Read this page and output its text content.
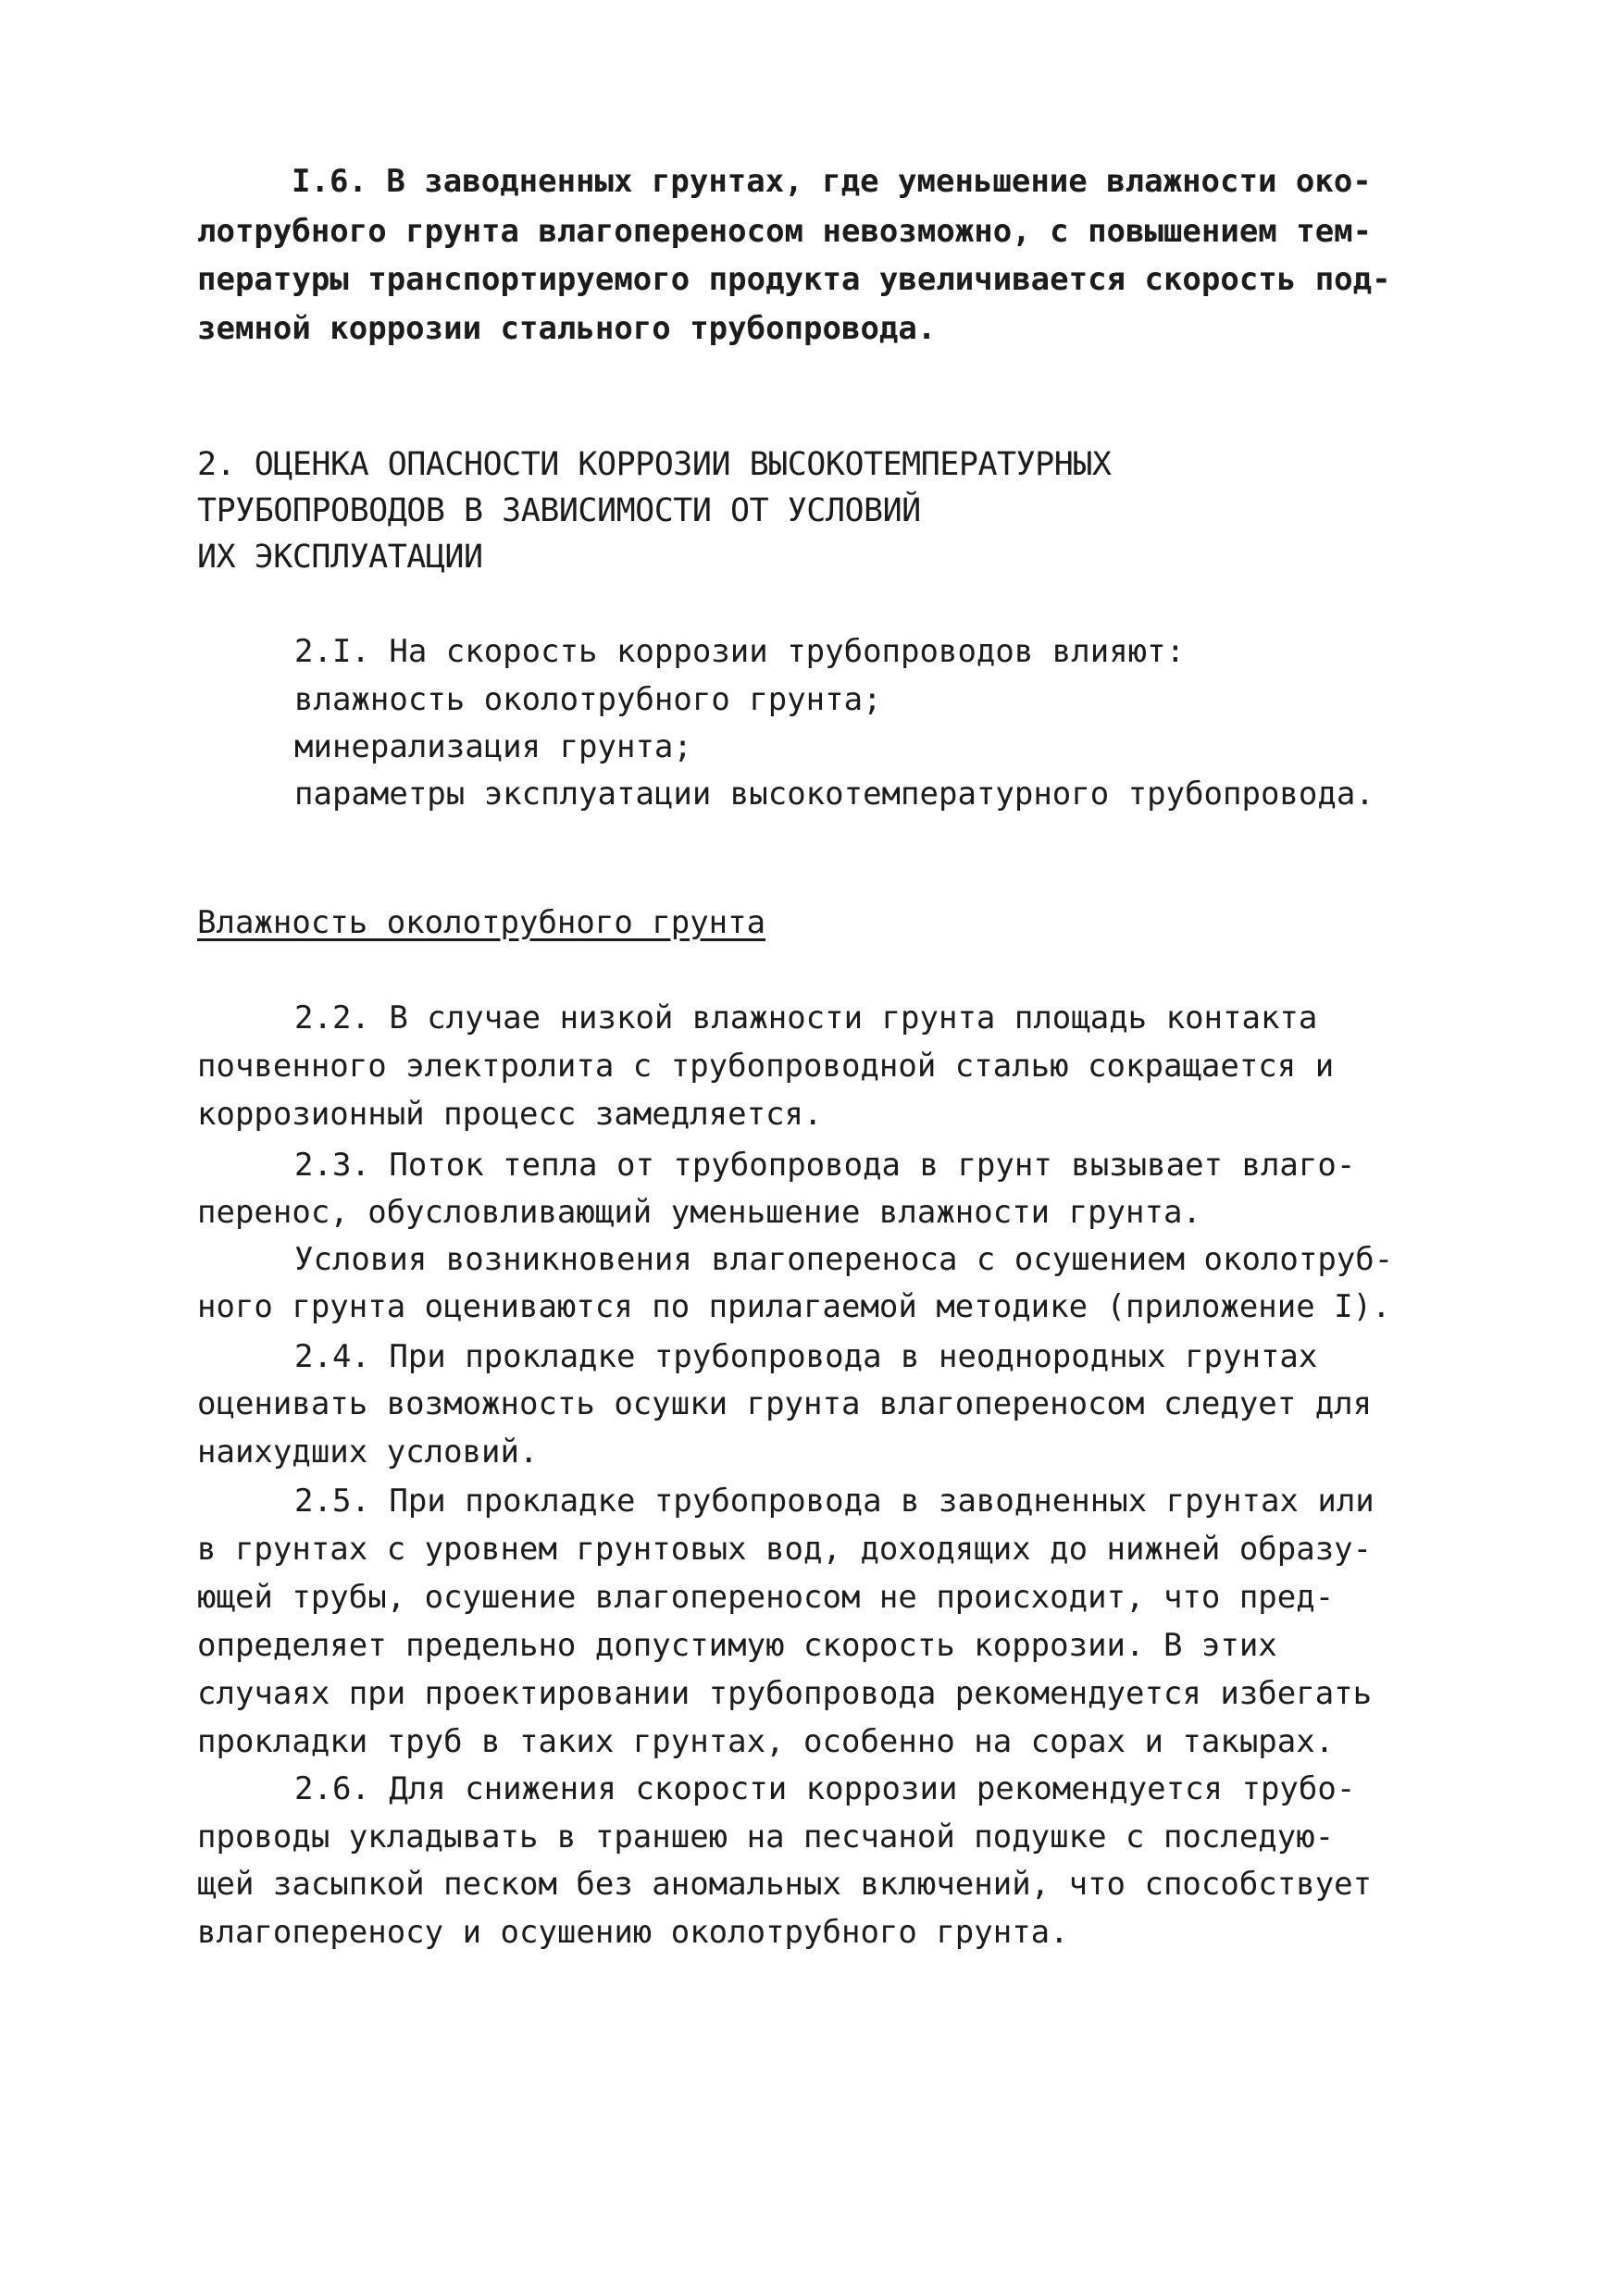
I.6. В заводненных грунтах, где уменьшение влажности око-
лотрубного грунта влагопереносом невозможно, с повышением тем-
пературы транспортируемого продукта увеличивается скорость под-
земной коррозии стального трубопровода.
2. ОЦЕНКА ОПАСНОСТИ КОРРОЗИИ ВЫСОКОТЕМПЕРАТУРНЫХ
ТРУБОПРОВОДОВ В ЗАВИСИМОСТИ ОТ УСЛОВИЙ
ИХ ЭКСПЛУАТАЦИИ
2.I. На скорость коррозии трубопроводов влияют:
влажность околотрубного грунта;
минерализация грунта;
параметры эксплуатации высокотемпературного трубопровода.
Влажность околотрубного грунта
2.2. В случае низкой влажности грунта площадь контакта
почвенного электролита с трубопроводной сталью сокращается и
коррозионный процесс замедляется.
2.3. Поток тепла от трубопровода в грунт вызывает влаго-
перенос, обусловливающий уменьшение влажности грунта.
Условия возникновения влагопереноса с осушением околотруб-
ного грунта оцениваются по прилагаемой методике (приложение I).
2.4. При прокладке трубопровода в неоднородных грунтах
оценивать возможность осушки грунта влагопереносом следует для
наихудших условий.
2.5. При прокладке трубопровода в заводненных грунтах или
в грунтах с уровнем грунтовых вод, доходящих до нижней образу-
ющей трубы, осушение влагопереносом не происходит, что пред-
определяет предельно допустимую скорость коррозии. В этих
случаях при проектировании трубопровода рекомендуется избегать
прокладки труб в таких грунтах, особенно на сорах и такырах.
2.6. Для снижения скорости коррозии рекомендуется трубо-
проводы укладывать в траншею на песчаной подушке с последую-
щей засыпкой песком без аномальных включений, что способствует
влагопереносу и осушению околотрубного грунта.
